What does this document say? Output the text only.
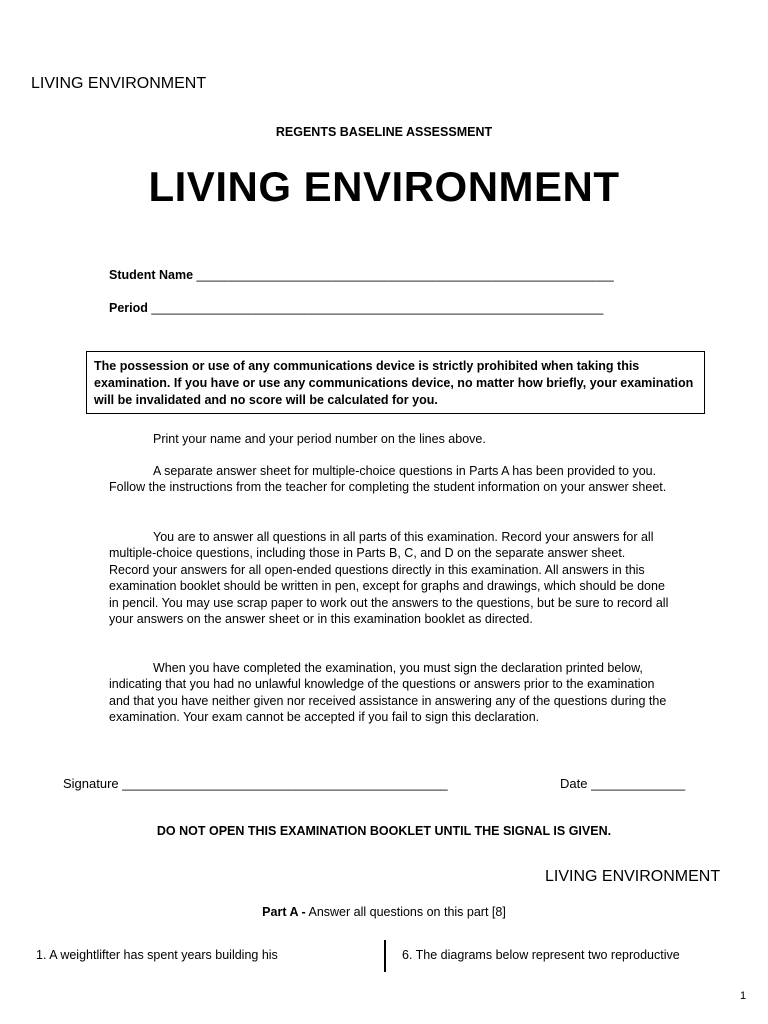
LIVING ENVIRONMENT
REGENTS BASELINE ASSESSMENT
LIVING ENVIRONMENT
Student Name ____________________________________________________________
Period _________________________________________________________________
The possession or use of any communications device is strictly prohibited when taking this examination. If you have or use any communications device, no matter how briefly, your examination will be invalidated and no score will be calculated for you.
Print your name and your period number on the lines above.
A separate answer sheet for multiple-choice questions in Parts A has been provided to you. Follow the instructions from the teacher for completing the student information on your answer sheet.
You are to answer all questions in all parts of this examination. Record your answers for all multiple-choice questions, including those in Parts B, C, and D on the separate answer sheet. Record your answers for all open-ended questions directly in this examination. All answers in this examination booklet should be written in pen, except for graphs and drawings, which should be done in pencil. You may use scrap paper to work out the answers to the questions, but be sure to record all your answers on the answer sheet or in this examination booklet as directed.
When you have completed the examination, you must sign the declaration printed below, indicating that you had no unlawful knowledge of the questions or answers prior to the examination and that you have neither given nor received assistance in answering any of the questions during the examination. Your exam cannot be accepted if you fail to sign this declaration.
Signature _____________________________________________	Date _____________
DO NOT OPEN THIS EXAMINATION BOOKLET UNTIL THE SIGNAL IS GIVEN.
LIVING ENVIRONMENT
Part A - Answer all questions on this part [8]
1. A weightlifter has spent years building his	6. The diagrams below represent two reproductive
1
